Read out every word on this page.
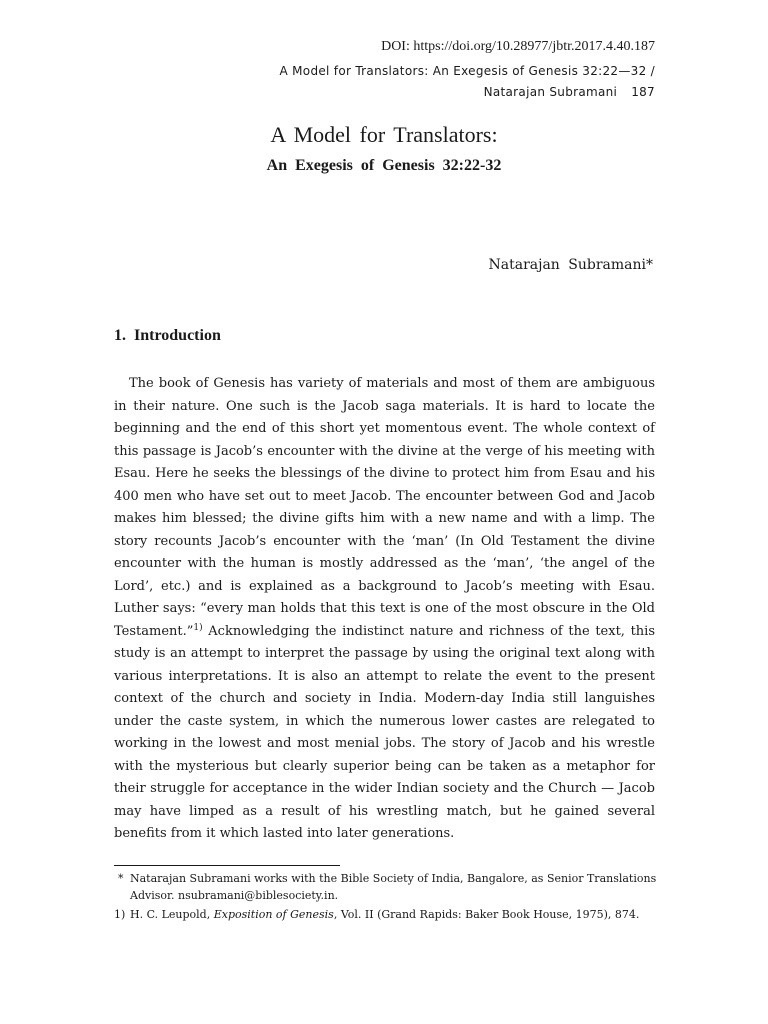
DOI: https://doi.org/10.28977/jbtr.2017.4.40.187
A Model for Translators: An Exegesis of Genesis 32:22—32 /
Natarajan Subramani 187
A Model for Translators:
An Exegesis of Genesis 32:22-32
Natarajan Subramani*
1. Introduction

The book of Genesis has variety of materials and most of them are ambiguous in their nature. One such is the Jacob saga materials. It is hard to locate the beginning and the end of this short yet momentous event. The whole context of this passage is Jacob’s encounter with the divine at the verge of his meeting with Esau. Here he seeks the blessings of the divine to protect him from Esau and his 400 men who have set out to meet Jacob. The encounter between God and Jacob makes him blessed; the divine gifts him with a new name and with a limp. The story recounts Jacob’s encounter with the ‘man’ (In Old Testament the divine encounter with the human is mostly addressed as the ‘man’, ‘the angel of the Lord’, etc.) and is explained as a background to Jacob’s meeting with Esau. Luther says: “every man holds that this text is one of the most obscure in the Old Testament.”$^{1)}$ Acknowledging the indistinct nature and richness of the text, this study is an attempt to interpret the passage by using the original text along with various interpretations. It is also an attempt to relate the event to the present context of the church and society in India. Modern-day India still languishes under the caste system, in which the numerous lower castes are relegated to working in the lowest and most menial jobs. The story of Jacob and his wrestle with the mysterious but clearly superior being can be taken as a metaphor for their struggle for acceptance in the wider Indian society and the Church — Jacob may have limped as a result of his wrestling match, but he gained several benefits from it which lasted into later generations.

* Natarajan Subramani works with the Bible Society of India, Bangalore, as Senior Translations Advisor. nsubramani@biblesociety.in.
1) H. C. Leupold, Exposition of Genesis, Vol. II (Grand Rapids: Baker Book House, 1975), 874.
